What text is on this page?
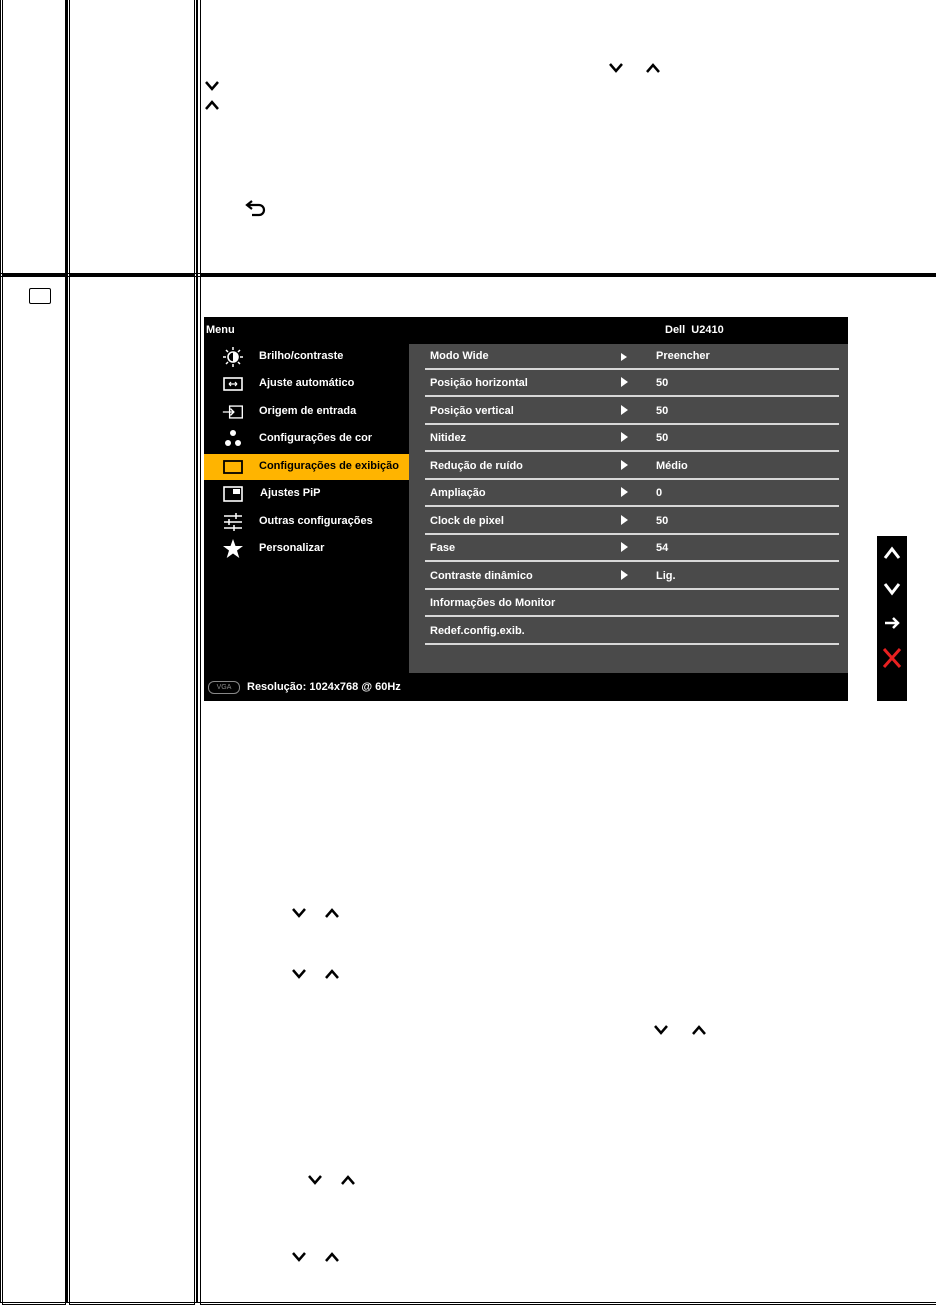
Menu	Dell  U2410
Brilho/contraste
Ajuste automático
Origem de entrada
Configurações de cor
Configurações de exibição
Ajustes PiP
Outras configurações
Personalizar
Modo Wide	Preencher
Posição horizontal	50
Posição vertical	50
Nitidez	50
Redução de ruído	Médio
Ampliação	0
Clock de pixel	50
Fase	54
Contraste dinâmico	Lig.
Informações do Monitor
Redef.config.exib.
VGA	Resolução: 1024x768 @ 60Hz
